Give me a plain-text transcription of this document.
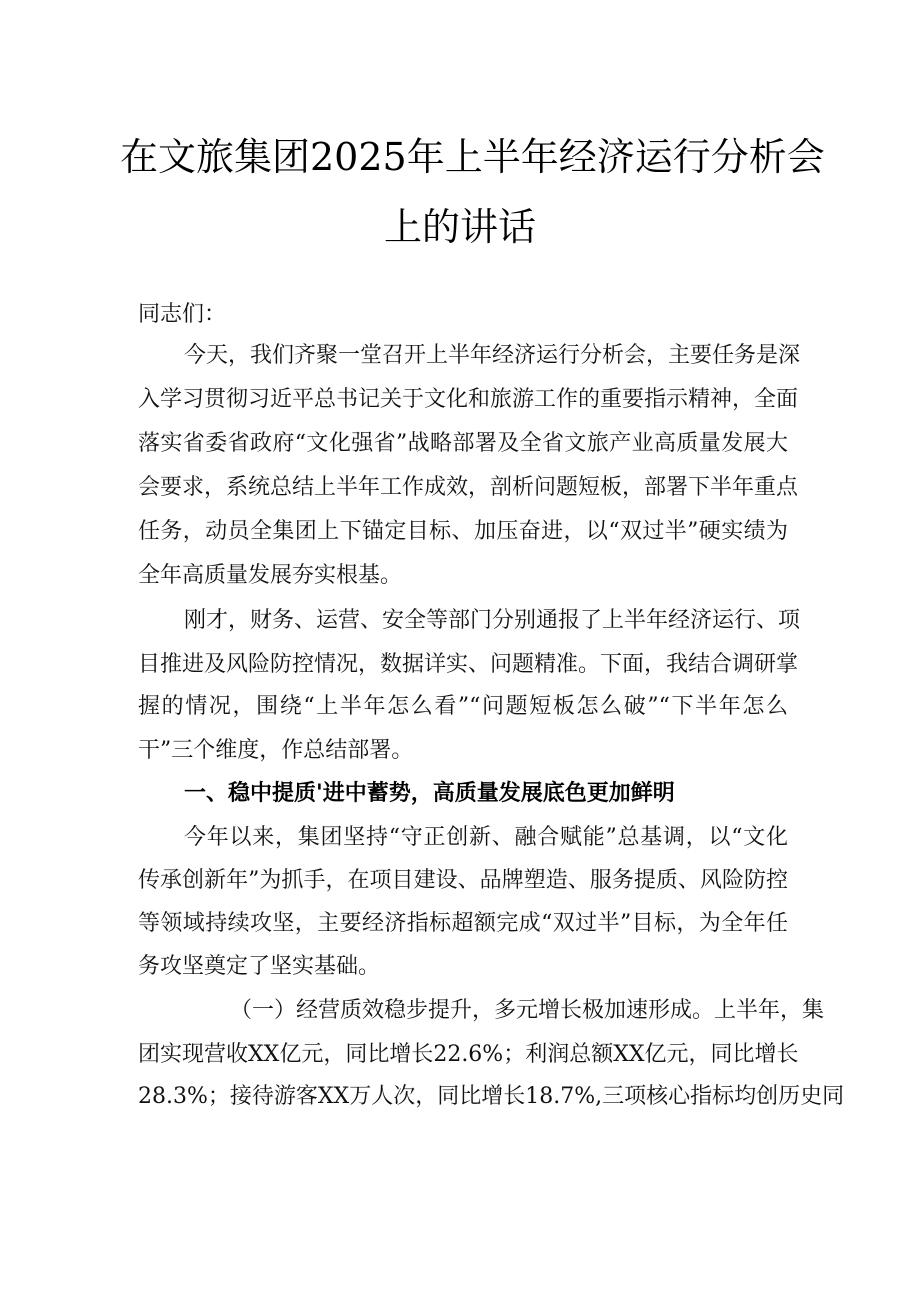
在文旅集团2025年上半年经济运行分析会
上的讲话
同志们：
今天，我们齐聚一堂召开上半年经济运行分析会，主要任务是深
入学习贯彻习近平总书记关于文化和旅游工作的重要指示精神，全面
落实省委省政府“文化强省”战略部署及全省文旅产业高质量发展大
会要求，系统总结上半年工作成效，剖析问题短板，部署下半年重点
任务，动员全集团上下锚定目标、加压奋进，以“双过半”硬实绩为
全年高质量发展夯实根基。
刚才，财务、运营、安全等部门分别通报了上半年经济运行、项
目推进及风险防控情况，数据详实、问题精准。下面，我结合调研掌
握的情况，围绕“上半年怎么看”“问题短板怎么破”“下半年怎么
干”三个维度，作总结部署。
一、稳中提质'进中蓄势，高质量发展底色更加鲜明
今年以来，集团坚持“守正创新、融合赋能”总基调，以“文化
传承创新年”为抓手，在项目建设、品牌塑造、服务提质、风险防控
等领域持续攻坚，主要经济指标超额完成“双过半”目标，为全年任
务攻坚奠定了坚实基础。
（一）经营质效稳步提升，多元增长极加速形成。上半年，集
团实现营收XX亿元，同比增长22.6%；利润总额XX亿元，同比增长
28.3%；接待游客XX万人次，同比增长18.7%,三项核心指标均创历史同
